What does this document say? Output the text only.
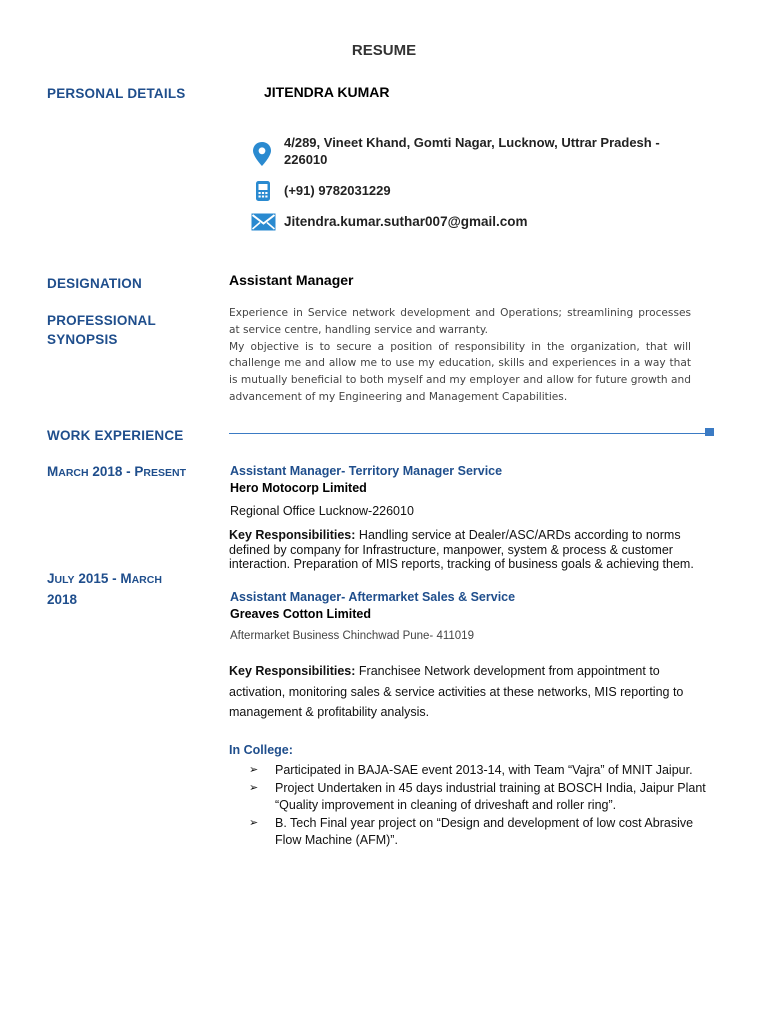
RESUME
PERSONAL DETAILS	JITENDRA KUMAR
4/289, Vineet Khand, Gomti Nagar, Lucknow, Uttrar Pradesh -
226010
(+91) 9782031229
Jitendra.kumar.suthar007@gmail.com
DESIGNATION	Assistant Manager
PROFESSIONAL
SYNOPSIS

Experience in Service network development and Operations; streamlining processes at service centre, handling service and warranty.

My objective is to secure a position of responsibility in the organization, that will challenge me and allow me to use my education, skills and experiences in a way that is mutually beneficial to both myself and my employer and allow for future growth and advancement of my Engineering and Management Capabilities.

WORK EXPERIENCE
MARCH 2018 - PRESENT	Assistant Manager- Territory Manager Service
Hero Motocorp Limited
Regional Office Lucknow-226010
Key Responsibilities: Handling service at Dealer/ASC/ARDs according to norms defined by company for Infrastructure, manpower, system & process & customer interaction. Preparation of MIS reports, tracking of business goals & achieving them.
JULY 2015 - MARCH
2018	Assistant Manager- Aftermarket Sales & Service
Greaves Cotton Limited
Aftermarket Business Chinchwad Pune- 411019
Key Responsibilities: Franchisee Network development from appointment to activation, monitoring sales & service activities at these networks, MIS reporting to management & profitability analysis.
In College:
➢ Participated in BAJA-SAE event 2013-14, with Team “Vajra” of MNIT Jaipur.
➢ Project Undertaken in 45 days industrial training at BOSCH India, Jaipur Plant “Quality improvement in cleaning of driveshaft and roller ring”.
➢ B. Tech Final year project on “Design and development of low cost Abrasive Flow Machine (AFM)”.
